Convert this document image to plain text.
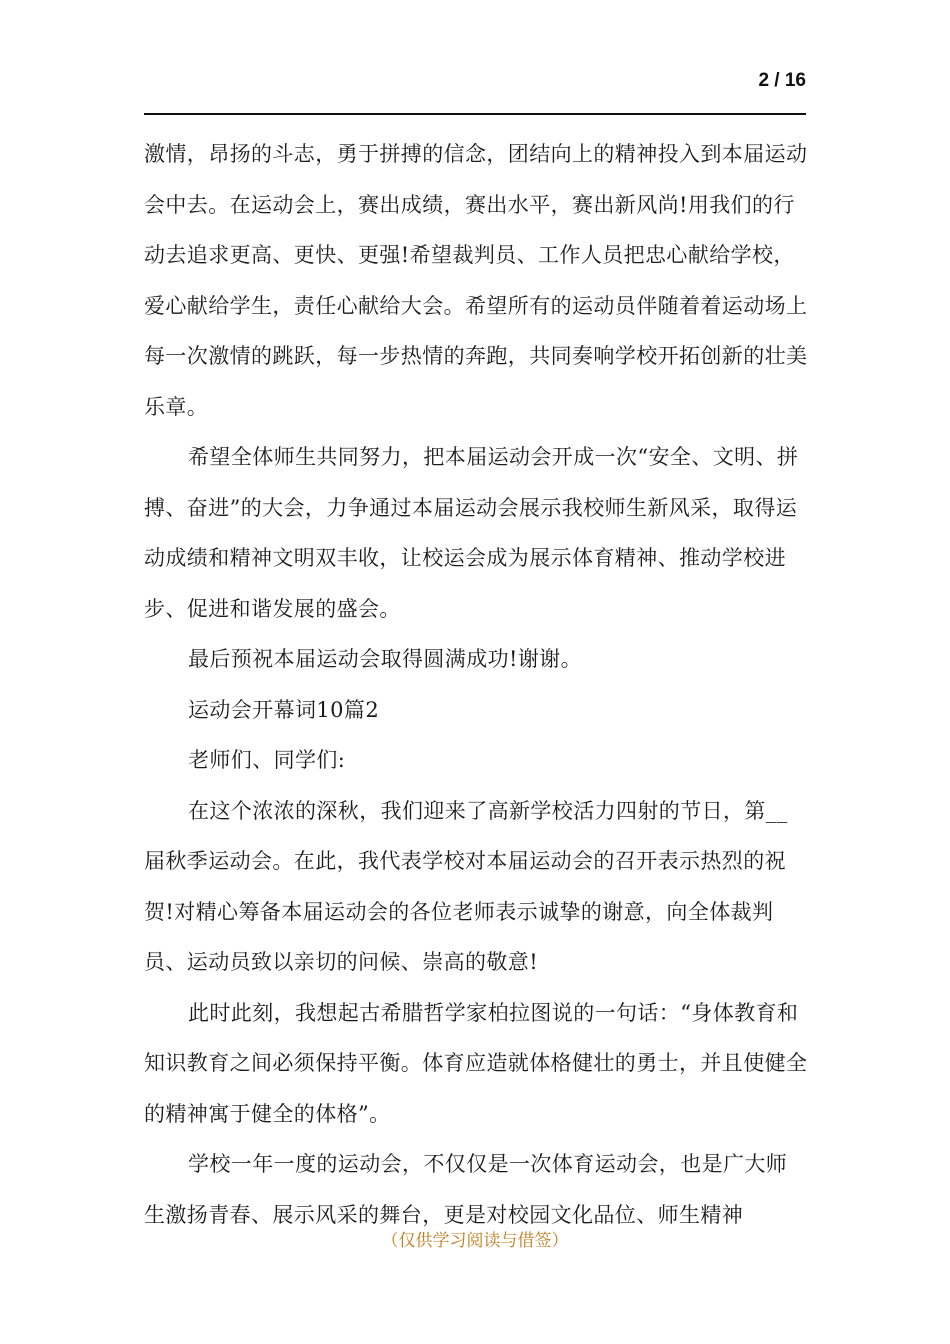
2 / 16

激情，昂扬的斗志，勇于拼搏的信念，团结向上的精神投入到本届运动会中去。在运动会上，赛出成绩，赛出水平，赛出新风尚!用我们的行动去追求更高、更快、更强!希望裁判员、工作人员把忠心献给学校，爱心献给学生，责任心献给大会。希望所有的运动员伴随着着运动场上每一次激情的跳跃，每一步热情的奔跑，共同奏响学校开拓创新的壮美乐章。

希望全体师生共同努力，把本届运动会开成一次“安全、文明、拼搏、奋进”的大会，力争通过本届运动会展示我校师生新风采，取得运动成绩和精神文明双丰收，让校运会成为展示体育精神、推动学校进步、促进和谐发展的盛会。

最后预祝本届运动会取得圆满成功!谢谢。

运动会开幕词10篇2

老师们、同学们:

在这个浓浓的深秋，我们迎来了高新学校活力四射的节日，第__届秋季运动会。在此，我代表学校对本届运动会的召开表示热烈的祝贺!对精心筹备本届运动会的各位老师表示诚挚的谢意，向全体裁判员、运动员致以亲切的问候、崇高的敬意!

此时此刻，我想起古希腊哲学家柏拉图说的一句话：“身体教育和知识教育之间必须保持平衡。体育应造就体格健壮的勇士，并且使健全的精神寓于健全的体格”。

学校一年一度的运动会，不仅仅是一次体育运动会，也是广大师生激扬青春、展示风采的舞台，更是对校园文化品位、师生精神

（仅供学习阅读与借签）
